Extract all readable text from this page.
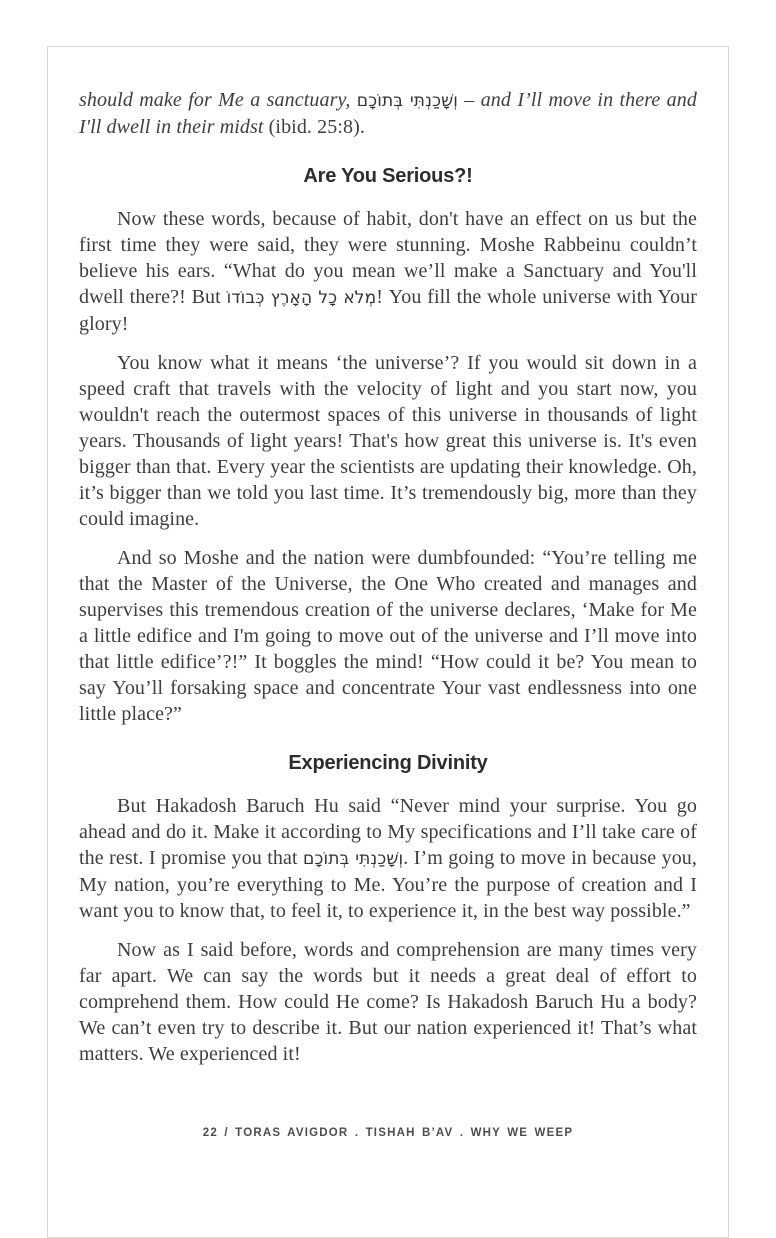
should make for Me a sanctuary, וְשָׁכַנְתִּי בְּתוֹכָם – and I’ll move in there and I'll dwell in their midst (ibid. 25:8).

Are You Serious?!

Now these words, because of habit, don't have an effect on us but the first time they were said, they were stunning. Moshe Rabbeinu couldn’t believe his ears. “What do you mean we’ll make a Sanctuary and You'll dwell there?! But מְלֹא כָל הָאָרֶץ כְּבוֹדוֹ! You fill the whole universe with Your glory!

You know what it means ‘the universe’? If you would sit down in a speed craft that travels with the velocity of light and you start now, you wouldn't reach the outermost spaces of this universe in thousands of light years. Thousands of light years! That's how great this universe is. It's even bigger than that. Every year the scientists are updating their knowledge. Oh, it’s bigger than we told you last time. It’s tremendously big, more than they could imagine.

And so Moshe and the nation were dumbfounded: “You’re telling me that the Master of the Universe, the One Who created and manages and supervises this tremendous creation of the universe declares, ‘Make for Me a little edifice and I'm going to move out of the universe and I’ll move into that little edifice’?!” It boggles the mind! “How could it be? You mean to say You’ll forsaking space and concentrate Your vast endlessness into one little place?”

Experiencing Divinity

But Hakadosh Baruch Hu said “Never mind your surprise. You go ahead and do it. Make it according to My specifications and I’ll take care of the rest. I promise you that וְשָׁכַנְתִּי בְּתוֹכָם. I’m going to move in because you, My nation, you’re everything to Me. You’re the purpose of creation and I want you to know that, to feel it, to experience it, in the best way possible.”

Now as I said before, words and comprehension are many times very far apart. We can say the words but it needs a great deal of effort to comprehend them. How could He come? Is Hakadosh Baruch Hu a body? We can’t even try to describe it. But our nation experienced it! That’s what matters. We experienced it!

22 / TORAS AVIGDOR . TISHAH B’AV . WHY WE WEEP
